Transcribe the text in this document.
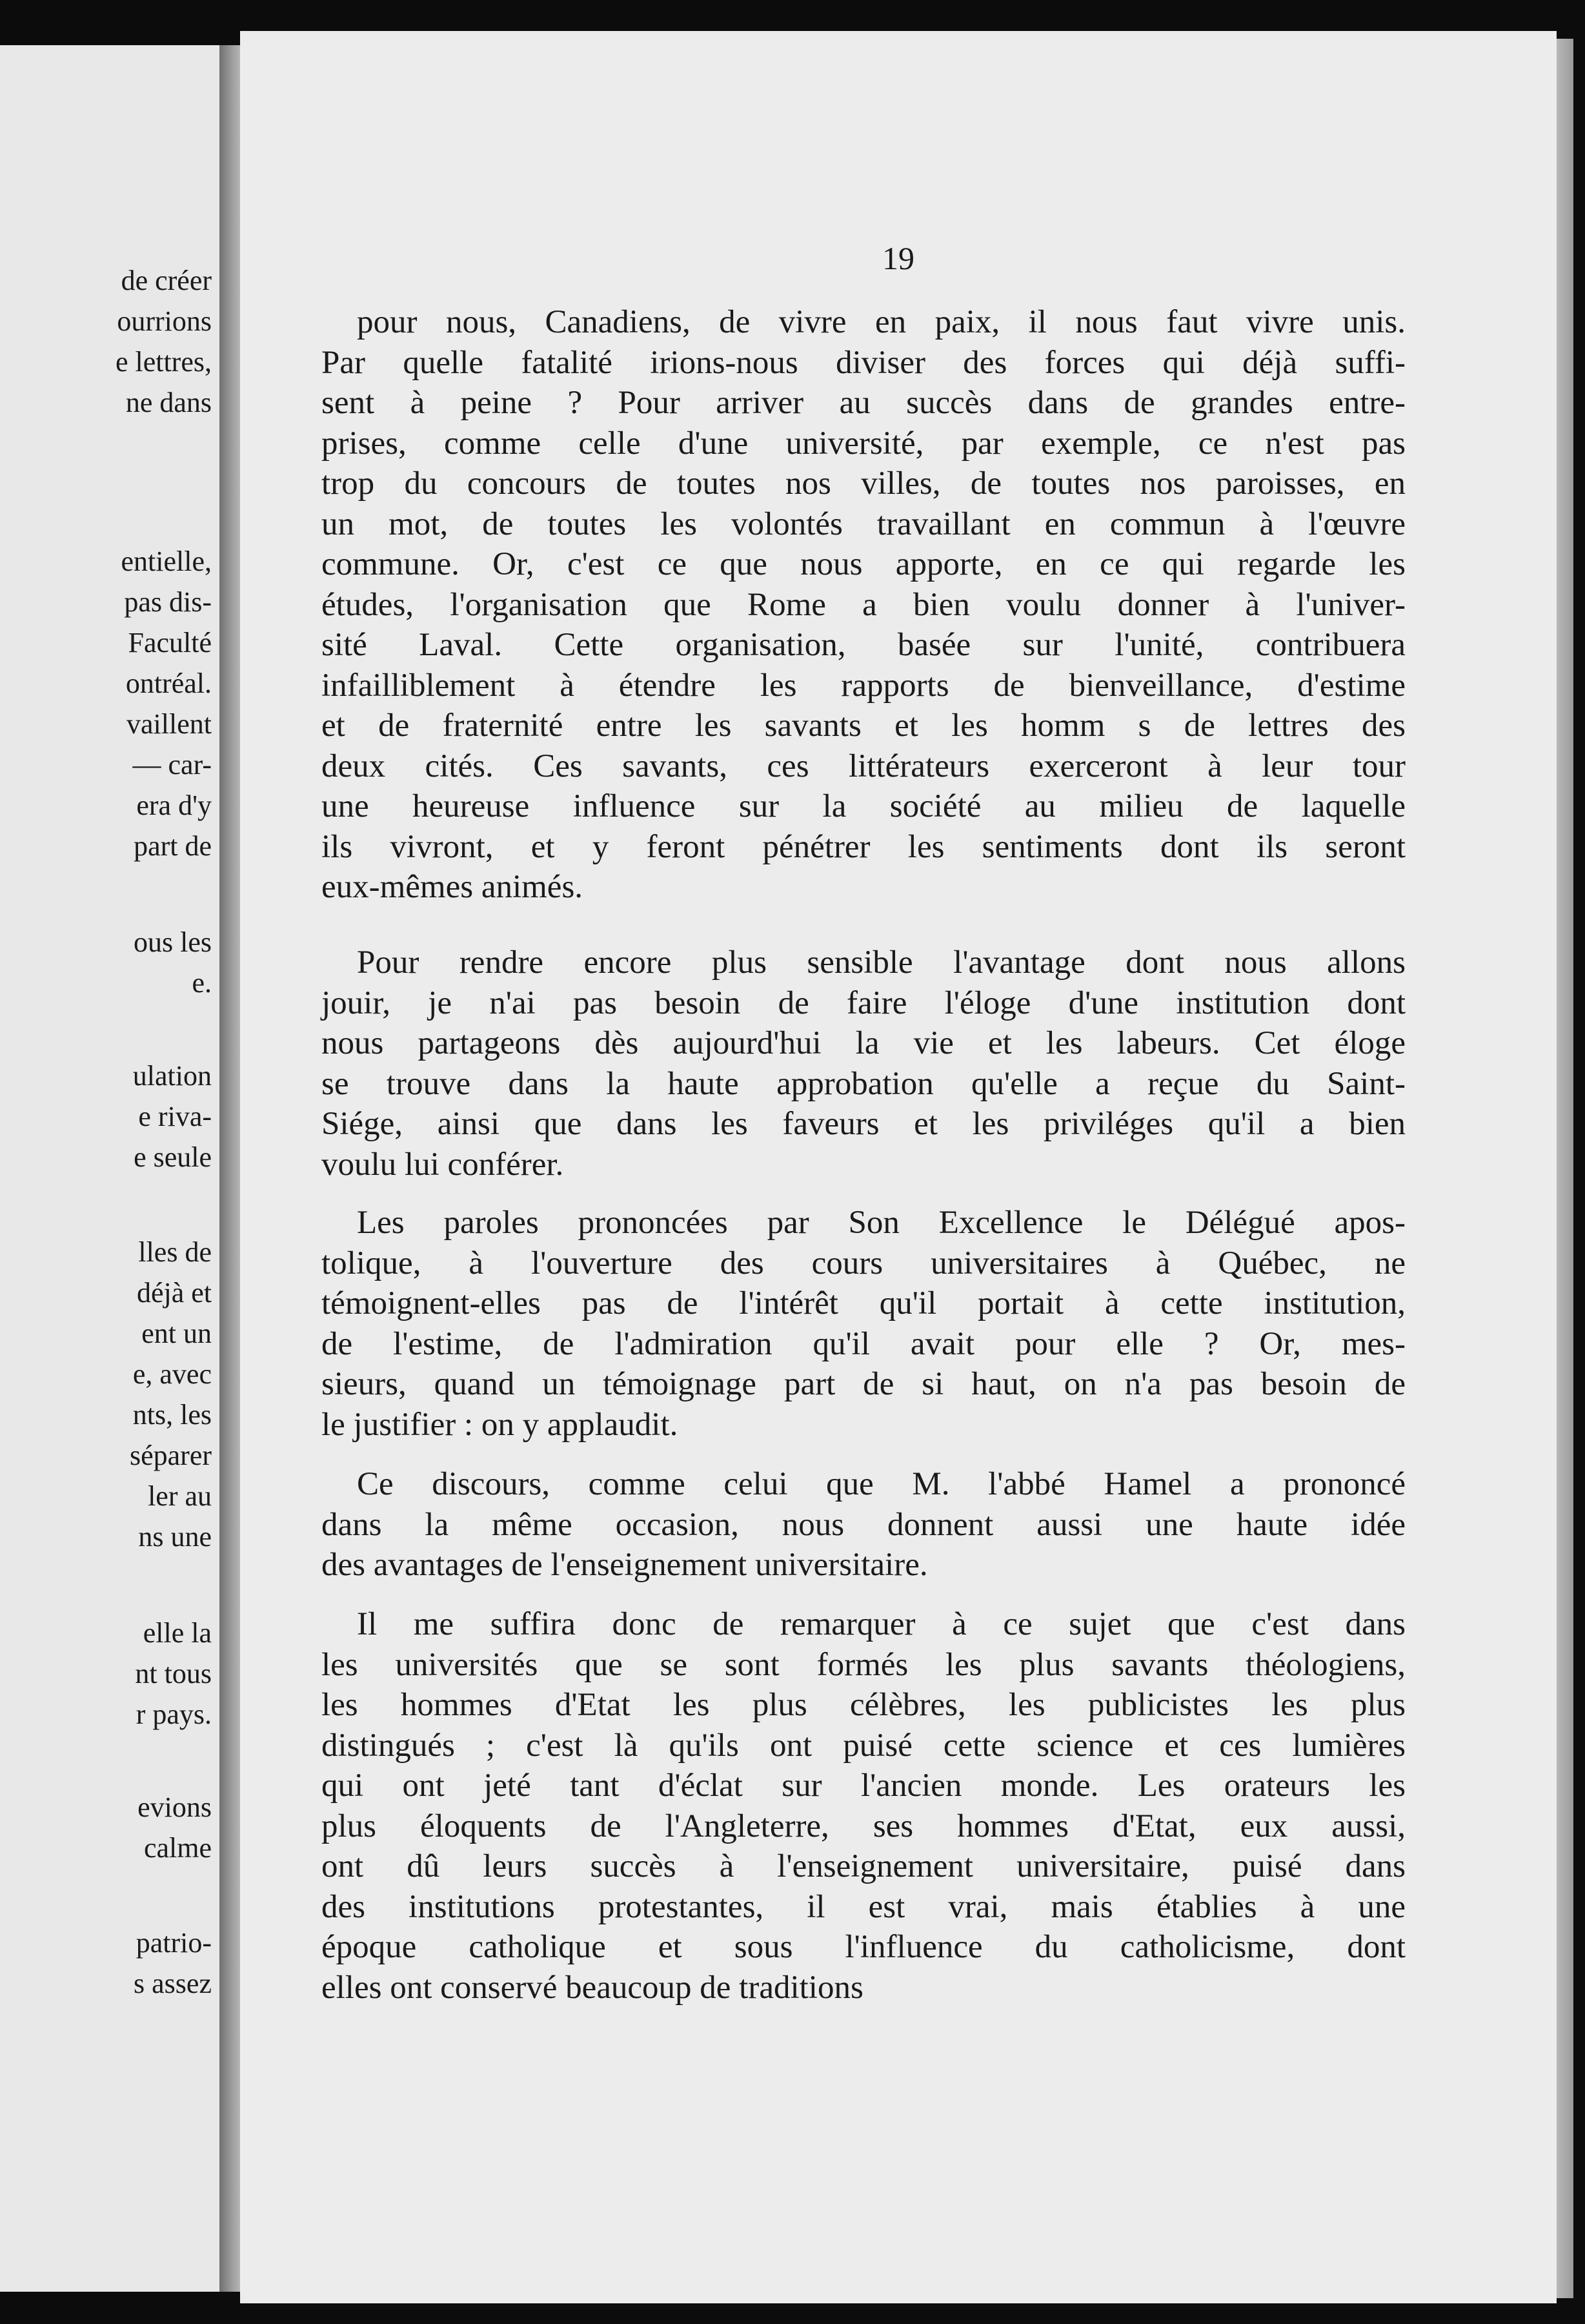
de créer
ourrions
e lettres,
ne dans
entielle,
pas dis-
Faculté
ontréal.
vaillent
— car-
era d'y
part de
ous les
e.
ulation
e riva-
e seule
lles de
déjà et
ent un
e, avec
nts, les
séparer
ler au
ns une
elle la
nt tous
r pays.
evions
calme
patrio-
s assez
19
pour nous, Canadiens, de vivre en paix, il nous faut vivre unis.
Par quelle fatalité irions-nous diviser des forces qui déjà suffi-
sent à peine ? Pour arriver au succès dans de grandes entre-
prises, comme celle d'une université, par exemple, ce n'est pas
trop du concours de toutes nos villes, de toutes nos paroisses, en
un mot, de toutes les volontés travaillant en commun à l'œuvre
commune. Or, c'est ce que nous apporte, en ce qui regarde les
études, l'organisation que Rome a bien voulu donner à l'univer-
sité Laval. Cette organisation, basée sur l'unité, contribuera
infailliblement à étendre les rapports de bienveillance, d'estime
et de fraternité entre les savants et les homm s de lettres des
deux cités. Ces savants, ces littérateurs exerceront à leur tour
une heureuse influence sur la société au milieu de laquelle
ils vivront, et y feront pénétrer les sentiments dont ils seront
eux-mêmes animés.
Pour rendre encore plus sensible l'avantage dont nous allons
jouir, je n'ai pas besoin de faire l'éloge d'une institution dont
nous partageons dès aujourd'hui la vie et les labeurs. Cet éloge
se trouve dans la haute approbation qu'elle a reçue du Saint-
Siége, ainsi que dans les faveurs et les priviléges qu'il a bien
voulu lui conférer.
Les paroles prononcées par Son Excellence le Délégué apos-
tolique, à l'ouverture des cours universitaires à Québec, ne
témoignent-elles pas de l'intérêt qu'il portait à cette institution,
de l'estime, de l'admiration qu'il avait pour elle ? Or, mes-
sieurs, quand un témoignage part de si haut, on n'a pas besoin de
le justifier : on y applaudit.
Ce discours, comme celui que M. l'abbé Hamel a prononcé
dans la même occasion, nous donnent aussi une haute idée
des avantages de l'enseignement universitaire.
Il me suffira donc de remarquer à ce sujet que c'est dans
les universités que se sont formés les plus savants théologiens,
les hommes d'Etat les plus célèbres, les publicistes les plus
distingués ; c'est là qu'ils ont puisé cette science et ces lumières
qui ont jeté tant d'éclat sur l'ancien monde. Les orateurs les
plus éloquents de l'Angleterre, ses hommes d'Etat, eux aussi,
ont dû leurs succès à l'enseignement universitaire, puisé dans
des institutions protestantes, il est vrai, mais établies à une
époque catholique et sous l'influence du catholicisme, dont
elles ont conservé beaucoup de traditions
